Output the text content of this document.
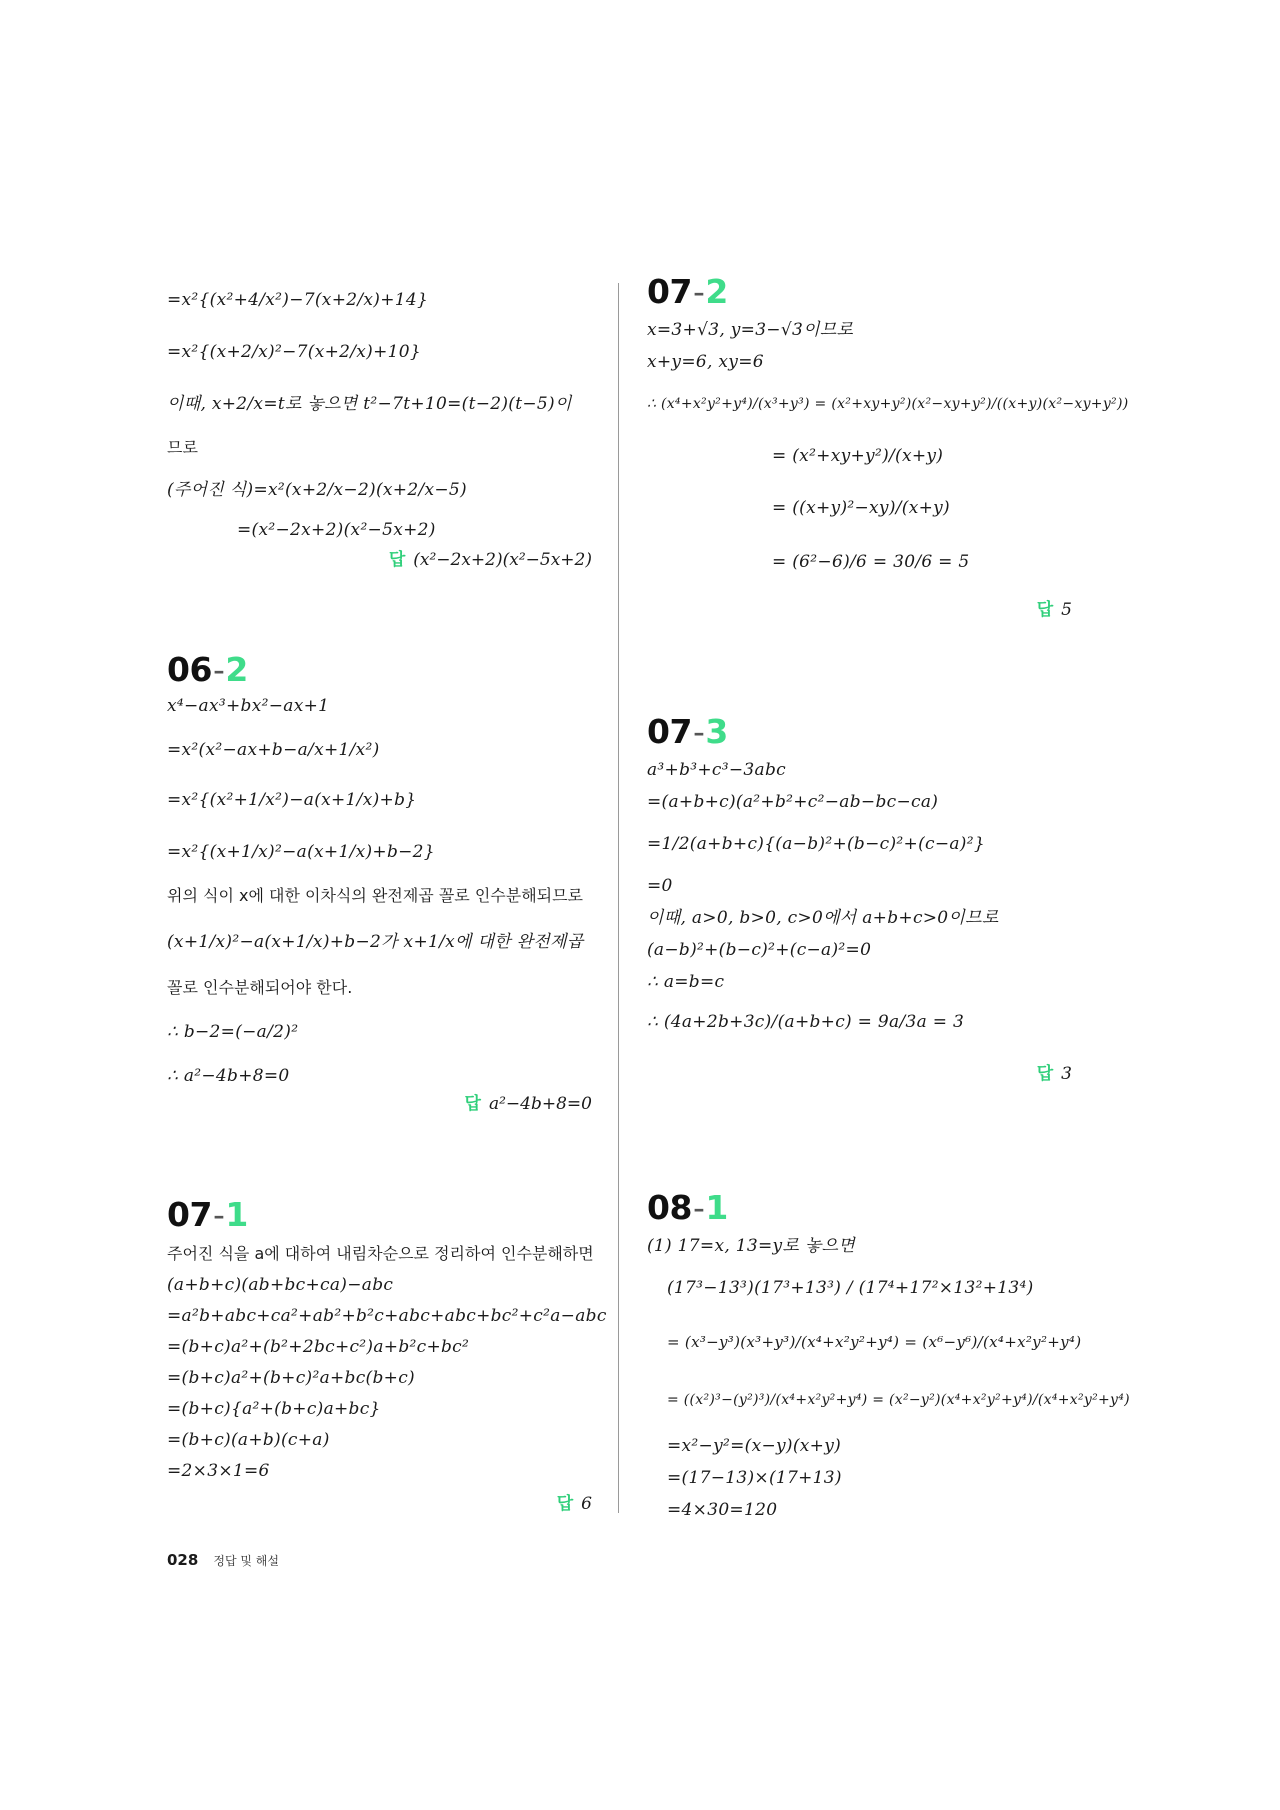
=x²{(x²+4/x²)−7(x+2/x)+14}
=x²{(x+2/x)²−7(x+2/x)+10}
이때, x+2/x=t로 놓으면 t²−7t+10=(t−2)(t−5)이
므로
(주어진 식)=x²(x+2/x−2)(x+2/x−5)
=(x²−2x+2)(x²−5x+2)
답 (x²−2x+2)(x²−5x+2)
06-2
x⁴−ax³+bx²−ax+1
=x²(x²−ax+b−a/x+1/x²)
=x²{(x²+1/x²)−a(x+1/x)+b}
=x²{(x+1/x)²−a(x+1/x)+b−2}
위의 식이 x에 대한 이차식의 완전제곱 꼴로 인수분해되므로
(x+1/x)²−a(x+1/x)+b−2가 x+1/x에 대한 완전제곱
꼴로 인수분해되어야 한다.
∴ b−2=(−a/2)²
∴ a²−4b+8=0
답 a²−4b+8=0
07-1
주어진 식을 a에 대하여 내림차순으로 정리하여 인수분해하면
(a+b+c)(ab+bc+ca)−abc
=a²b+abc+ca²+ab²+b²c+abc+abc+bc²+c²a−abc
=(b+c)a²+(b²+2bc+c²)a+b²c+bc²
=(b+c)a²+(b+c)²a+bc(b+c)
=(b+c){a²+(b+c)a+bc}
=(b+c)(a+b)(c+a)
=2×3×1=6
답 6
07-2
x=3+√3, y=3−√3이므로
x+y=6, xy=6
∴ (x⁴+x²y²+y⁴)/(x³+y³) = (x²+xy+y²)(x²−xy+y²)/((x+y)(x²−xy+y²))
= (x²+xy+y²)/(x+y)
= ((x+y)²−xy)/(x+y)
= (6²−6)/6 = 30/6 = 5
답 5
07-3
a³+b³+c³−3abc
=(a+b+c)(a²+b²+c²−ab−bc−ca)
=1/2(a+b+c){(a−b)²+(b−c)²+(c−a)²}
=0
이때, a>0, b>0, c>0에서 a+b+c>0이므로
(a−b)²+(b−c)²+(c−a)²=0
∴ a=b=c
∴ (4a+2b+3c)/(a+b+c) = 9a/3a = 3
답 3
08-1
(1) 17=x, 13=y로 놓으면
(17³−13³)(17³+13³) / (17⁴+17²×13²+13⁴)
= (x³−y³)(x³+y³)/(x⁴+x²y²+y⁴) = (x⁶−y⁶)/(x⁴+x²y²+y⁴)
= ((x²)³−(y²)³)/(x⁴+x²y²+y⁴) = (x²−y²)(x⁴+x²y²+y⁴)/(x⁴+x²y²+y⁴)
=x²−y²=(x−y)(x+y)
=(17−13)×(17+13)
=4×30=120
028 정답 및 해설
